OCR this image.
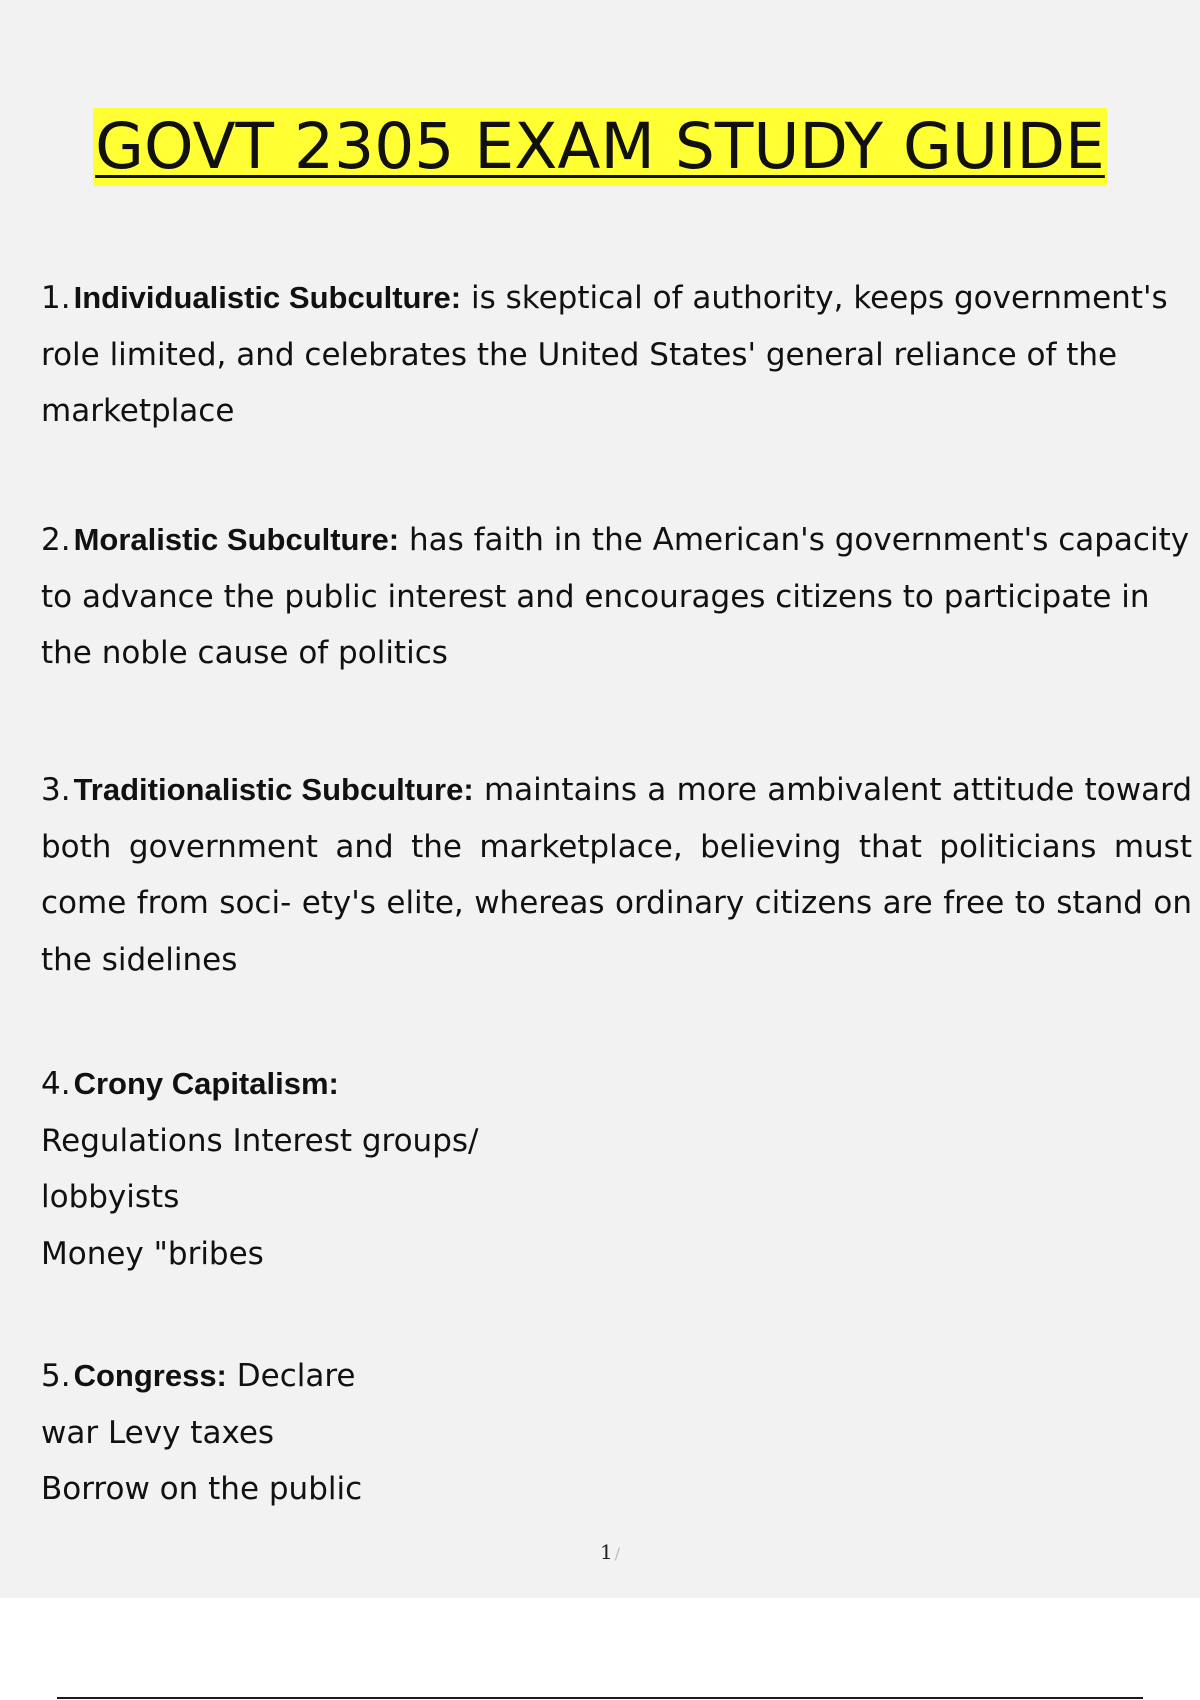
GOVT 2305 EXAM STUDY GUIDE

1.Individualistic Subculture: is skeptical of authority, keeps government's role limited, and celebrates the United States' general reliance of the marketplace

2.Moralistic Subculture: has faith in the American's government's capacity to advance the public interest and encourages citizens to participate in the noble cause of politics

3.Traditionalistic Subculture: maintains a more ambivalent attitude toward both government and the marketplace, believing that politicians must come from soci- ety's elite, whereas ordinary citizens are free to stand on the sidelines

4.Crony Capitalism:
Regulations Interest groups/
lobbyists
Money "bribes
5.Congress: Declare
war Levy taxes
Borrow on the public
1 /
